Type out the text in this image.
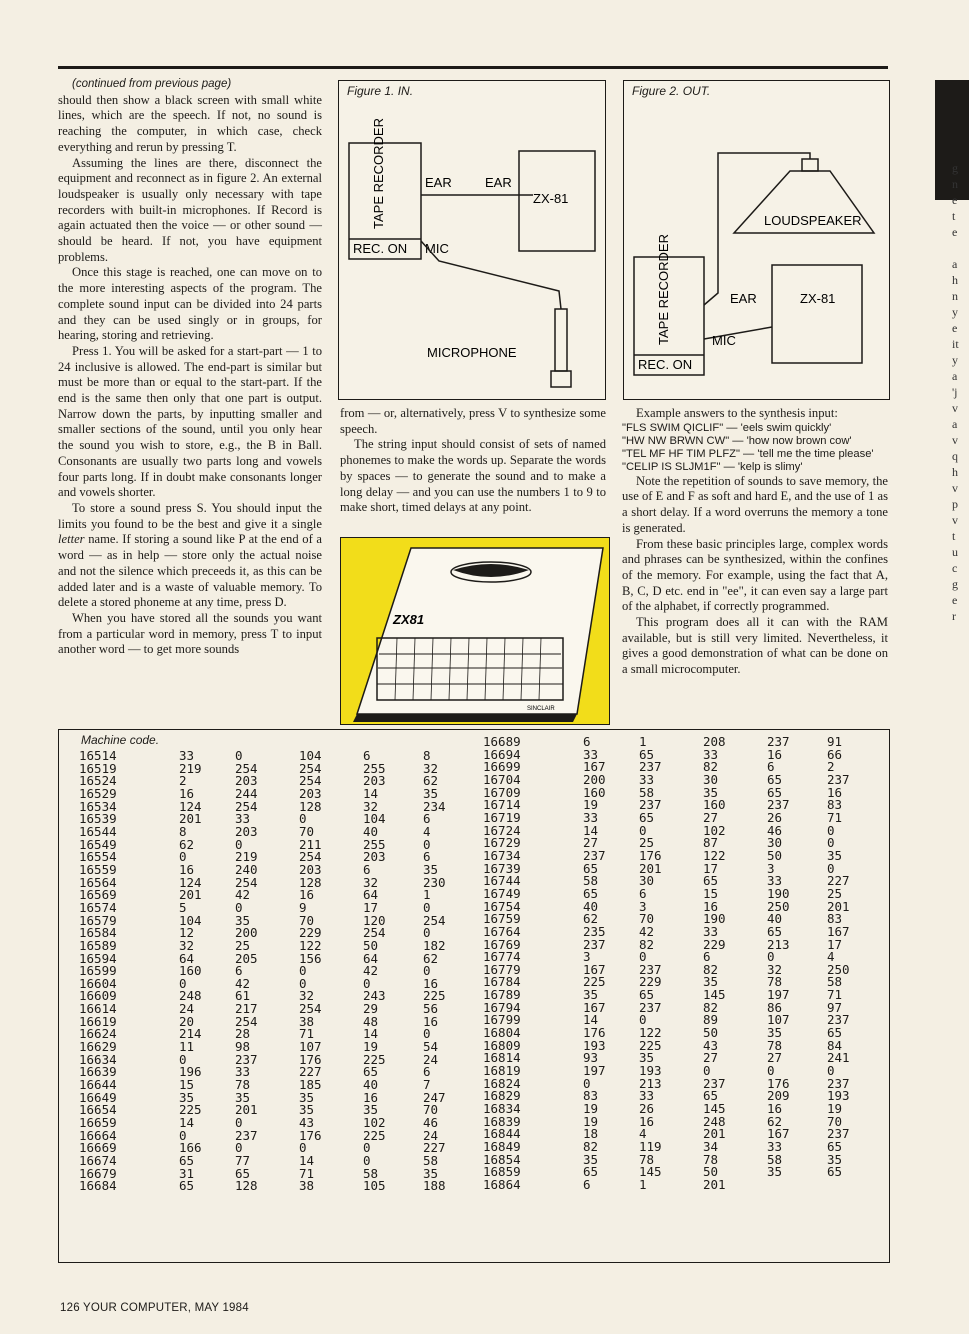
(continued from previous page)

should then show a black screen with small white lines, which are the speech. If not, no sound is reaching the computer, in which case, check everything and rerun by pressing T.

Assuming the lines are there, disconnect the equipment and reconnect as in figure 2. An external loudspeaker is usually only necessary with tape recorders with built-in microphones. If Record is again actuated then the voice — or other sound — should be heard. If not, you have equipment problems.

Once this stage is reached, one can move on to the more interesting aspects of the program. The complete sound input can be divided into 24 parts and they can be used singly or in groups, for hearing, storing and retrieving.

Press 1. You will be asked for a start-part — 1 to 24 inclusive is allowed. The end-part is similar but must be more than or equal to the start-part. If the end is the same then only that one part is output. Narrow down the parts, by inputting smaller and smaller sections of the sound, until you only hear the sound you wish to store, e.g., the B in Ball. Consonants are usually two parts long and vowels four parts long. If in doubt make consonants longer and vowels shorter.

To store a sound press S. You should input the limits you found to be the best and give it a single letter name. If storing a sound like P at the end of a word — as in help — store only the actual noise and not the silence which preceeds it, as this can be added later and is a waste of valuable memory. To delete a stored phoneme at any time, press D.

When you have stored all the sounds you want from a particular word in memory, press T to input another word — to get more sounds

Figure 1. IN.
TAPE RECORDER
REC. ON
EAR	EAR
ZX-81
MIC
MICROPHONE
Figure 2. OUT.
LOUDSPEAKER
TAPE RECORDER
REC. ON
EAR	ZX-81
MIC

from — or, alternatively, press V to synthesize some speech.

The string input should consist of sets of named phonemes to make the words up. Separate the words by spaces — to generate the sound and to make a long delay — and you can use the numbers 1 to 9 to make short, timed delays at any point.

ZX81
SINCLAIR

Example answers to the synthesis input:

"FLS SWIM QICLIF" — 'eels swim quickly'
"HW NW BRWN CW" — 'how now brown cow'
"TEL MF HF TIM PLFZ" — 'tell me the time please'
"CELIP IS SLJM1F" — 'kelp is slimy'

Note the repetition of sounds to save memory, the use of E and F as soft and hard E, and the use of 1 as a short delay. If a word overruns the memory a tone is generated.

From these basic principles large, complex words and phrases can be synthesized, within the confines of the memory. For example, using the fact that A, B, C, D etc. end in "ee", it can even say a large part of the alphabet, if correctly programmed.

This program does all it can with the RAM available, but is still very limited. Nevertheless, it gives a good demonstration of what can be done on a small microcomputer.

Machine code.
16514	33	0	104	6	8
16519	219	254	254	255	32
16524	2	203	254	203	62
16529	16	244	203	14	35
16534	124	254	128	32	234
16539	201	33	0	104	6
16544	8	203	70	40	4
16549	62	0	211	255	0
16554	0	219	254	203	6
16559	16	240	203	6	35
16564	124	254	128	32	230
16569	201	42	16	64	1
16574	5	0	9	17	0
16579	104	35	70	120	254
16584	12	200	229	254	0
16589	32	25	122	50	182
16594	64	205	156	64	62
16599	160	6	0	42	0
16604	0	42	0	0	16
16609	248	61	32	243	225
16614	24	217	254	29	56
16619	20	254	38	48	16
16624	214	28	71	14	0
16629	11	98	107	19	54
16634	0	237	176	225	24
16639	196	33	227	65	6
16644	15	78	185	40	7
16649	35	35	35	16	247
16654	225	201	35	35	70
16659	14	0	43	102	46
16664	0	237	176	225	24
16669	166	0	0	0	227
16674	65	77	14	0	58
16679	31	65	71	58	35
16684	65	128	38	105	188
16689	6	1	208	237	91
16694	33	65	33	16	66
16699	167	237	82	6	2
16704	200	33	30	65	237
16709	160	58	35	65	16
16714	19	237	160	237	83
16719	33	65	27	26	71
16724	14	0	102	46	0
16729	27	25	87	30	0
16734	237	176	122	50	35
16739	65	201	17	3	0
16744	58	30	65	33	227
16749	65	6	15	190	25
16754	40	3	16	250	201
16759	62	70	190	40	83
16764	235	42	33	65	167
16769	237	82	229	213	17
16774	3	0	6	0	4
16779	167	237	82	32	250
16784	225	229	35	78	58
16789	35	65	145	197	71
16794	167	237	82	86	97
16799	14	0	89	107	237
16804	176	122	50	35	65
16809	193	225	43	78	84
16814	93	35	27	27	241
16819	197	193	0	0	0
16824	0	213	237	176	237
16829	83	33	65	209	193
16834	19	26	145	16	19
16839	19	16	248	62	70
16844	18	4	201	167	237
16849	82	119	34	33	65
16854	35	78	78	58	35
16859	65	145	50	35	65
16864	6	1	201		
126 YOUR COMPUTER, MAY 1984
g
n
e
t
e
a
h
n
y
e
it
y
a
'j
v
a
v
q
h
v
p
v
t
u
c
g
e
r
